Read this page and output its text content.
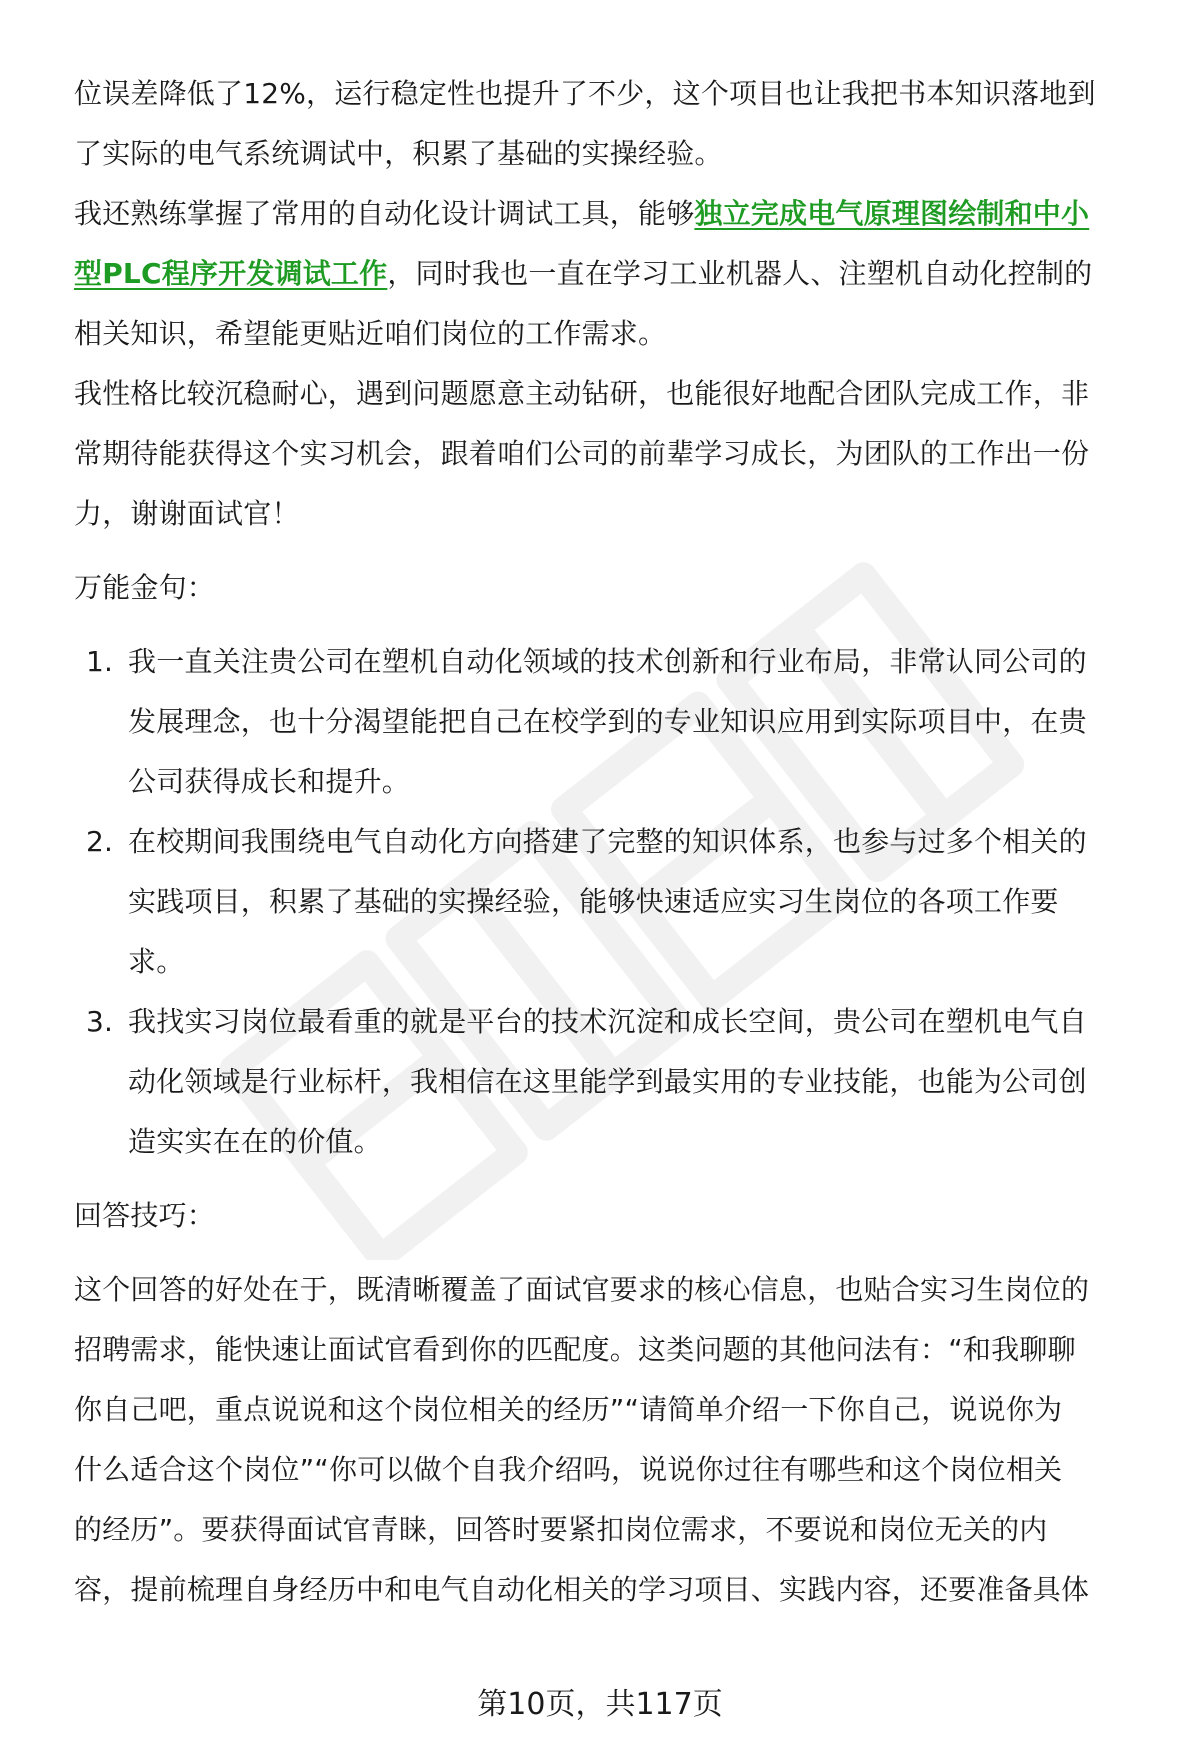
位误差降低了12%，运行稳定性也提升了不少，这个项目也让我把书本知识落地到
了实际的电气系统调试中，积累了基础的实操经验。

我还熟练掌握了常用的自动化设计调试工具，能够独立完成电气原理图绘制和中小
型PLC程序开发调试工作，同时我也一直在学习工业机器人、注塑机自动化控制的
相关知识，希望能更贴近咱们岗位的工作需求。

我性格比较沉稳耐心，遇到问题愿意主动钻研，也能很好地配合团队完成工作，非
常期待能获得这个实习机会，跟着咱们公司的前辈学习成长，为团队的工作出一份
力，谢谢面试官！

万能金句：

1. 我一直关注贵公司在塑机自动化领域的技术创新和行业布局，非常认同公司的
发展理念，也十分渴望能把自己在校学到的专业知识应用到实际项目中，在贵
公司获得成长和提升。
2. 在校期间我围绕电气自动化方向搭建了完整的知识体系，也参与过多个相关的
实践项目，积累了基础的实操经验，能够快速适应实习生岗位的各项工作要
求。
3. 我找实习岗位最看重的就是平台的技术沉淀和成长空间，贵公司在塑机电气自
动化领域是行业标杆，我相信在这里能学到最实用的专业技能，也能为公司创
造实实在在的价值。

回答技巧：

这个回答的好处在于，既清晰覆盖了面试官要求的核心信息，也贴合实习生岗位的
招聘需求，能快速让面试官看到你的匹配度。这类问题的其他问法有：“和我聊聊
你自己吧，重点说说和这个岗位相关的经历”“请简单介绍一下你自己，说说你为
什么适合这个岗位”“你可以做个自我介绍吗，说说你过往有哪些和这个岗位相关
的经历”。要获得面试官青睐，回答时要紧扣岗位需求，不要说和岗位无关的内
容，提前梳理自身经历中和电气自动化相关的学习项目、实践内容，还要准备具体

第10页，共117页
